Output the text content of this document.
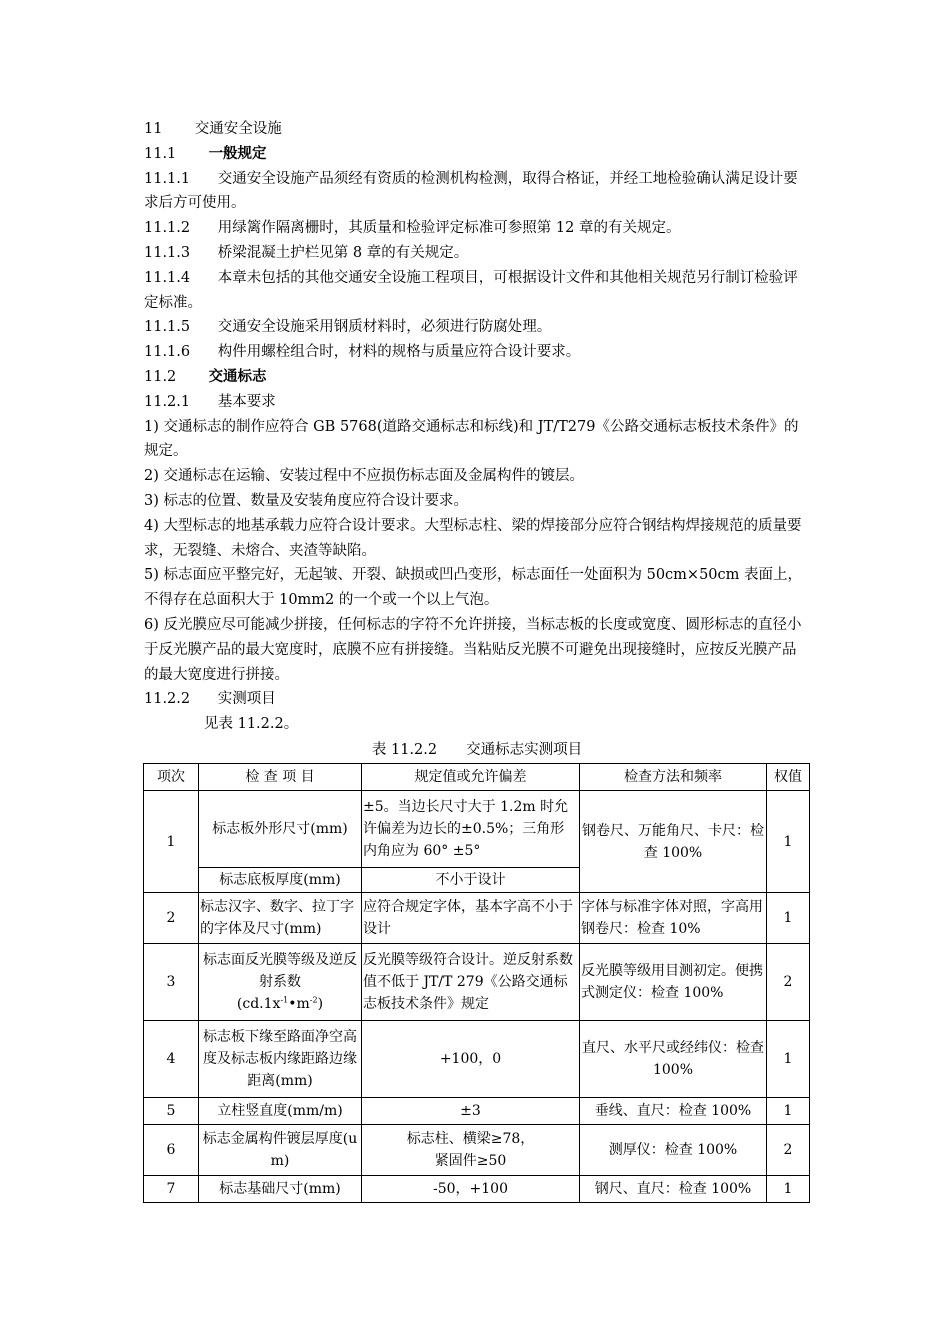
11 交通安全设施

11.1 一般规定

11.1.1 交通安全设施产品须经有资质的检测机构检测，取得合格证，并经工地检验确认满足设计要求后方可使用。

11.1.2 用绿篱作隔离栅时，其质量和检验评定标准可参照第 12 章的有关规定。

11.1.3 桥梁混凝土护栏见第 8 章的有关规定。

11.1.4 本章未包括的其他交通安全设施工程项目，可根据设计文件和其他相关规范另行制订检验评定标准。

11.1.5 交通安全设施采用钢质材料时，必须进行防腐处理。

11.1.6 构件用螺栓组合时，材料的规格与质量应符合设计要求。

11.2 交通标志

11.2.1 基本要求

1) 交通标志的制作应符合 GB 5768(道路交通标志和标线)和 JT/T279《公路交通标志板技术条件》的规定。

2) 交通标志在运输、安装过程中不应损伤标志面及金属构件的镀层。

3) 标志的位置、数量及安装角度应符合设计要求。

4) 大型标志的地基承载力应符合设计要求。大型标志柱、梁的焊接部分应符合钢结构焊接规范的质量要求，无裂缝、未熔合、夹渣等缺陷。

5) 标志面应平整完好，无起皱、开裂、缺损或凹凸变形，标志面任一处面积为 50cm×50cm 表面上，不得存在总面积大于 10mm2 的一个或一个以上气泡。

6) 反光膜应尽可能减少拼接，任何标志的字符不允许拼接，当标志板的长度或宽度、圆形标志的直径小于反光膜产品的最大宽度时，底膜不应有拼接缝。当粘贴反光膜不可避免出现接缝时，应按反光膜产品的最大宽度进行拼接。

11.2.2 实测项目

见表 11.2.2。

表 11.2.2　　交通标志实测项目
项次	检 查 项 目	规定值或允许偏差	检查方法和频率	权值
1	标志板外形尺寸(mm)	±5。当边长尺寸大于 1.2m 时允许偏差为边长的±0.5%；三角形内角应为 60° ±5°	钢卷尺、万能角尺、卡尺：检查 100%	1
	标志底板厚度(mm)	不小于设计		
2	标志汉字、数字、拉丁字的字体及尺寸(mm)	应符合规定字体，基本字高不小于设计	字体与标准字体对照，字高用钢卷尺：检查 10%	1
3	标志面反光膜等级及逆反射系数
$(cd.1x^{-1}•m^{-2})$	反光膜等级符合设计。逆反射系数值不低于 JT/T 279《公路交通标志板技术条件》规定	反光膜等级用目测初定。便携式测定仪：检查 100%	2
4	标志板下缘至路面净空高度及标志板内缘距路边缘距离(mm)	+100，0	直尺、水平尺或经纬仪：检查 100%	1
5	立柱竖直度(mm/m)	±3	垂线、直尺：检查 100%	1
6	标志金属构件镀层厚度(um)	标志柱、横梁≥78，
紧固件≥50	测厚仪：检查 100%	2
7	标志基础尺寸(mm)	-50，+100	钢尺、直尺：检查 100%	1
